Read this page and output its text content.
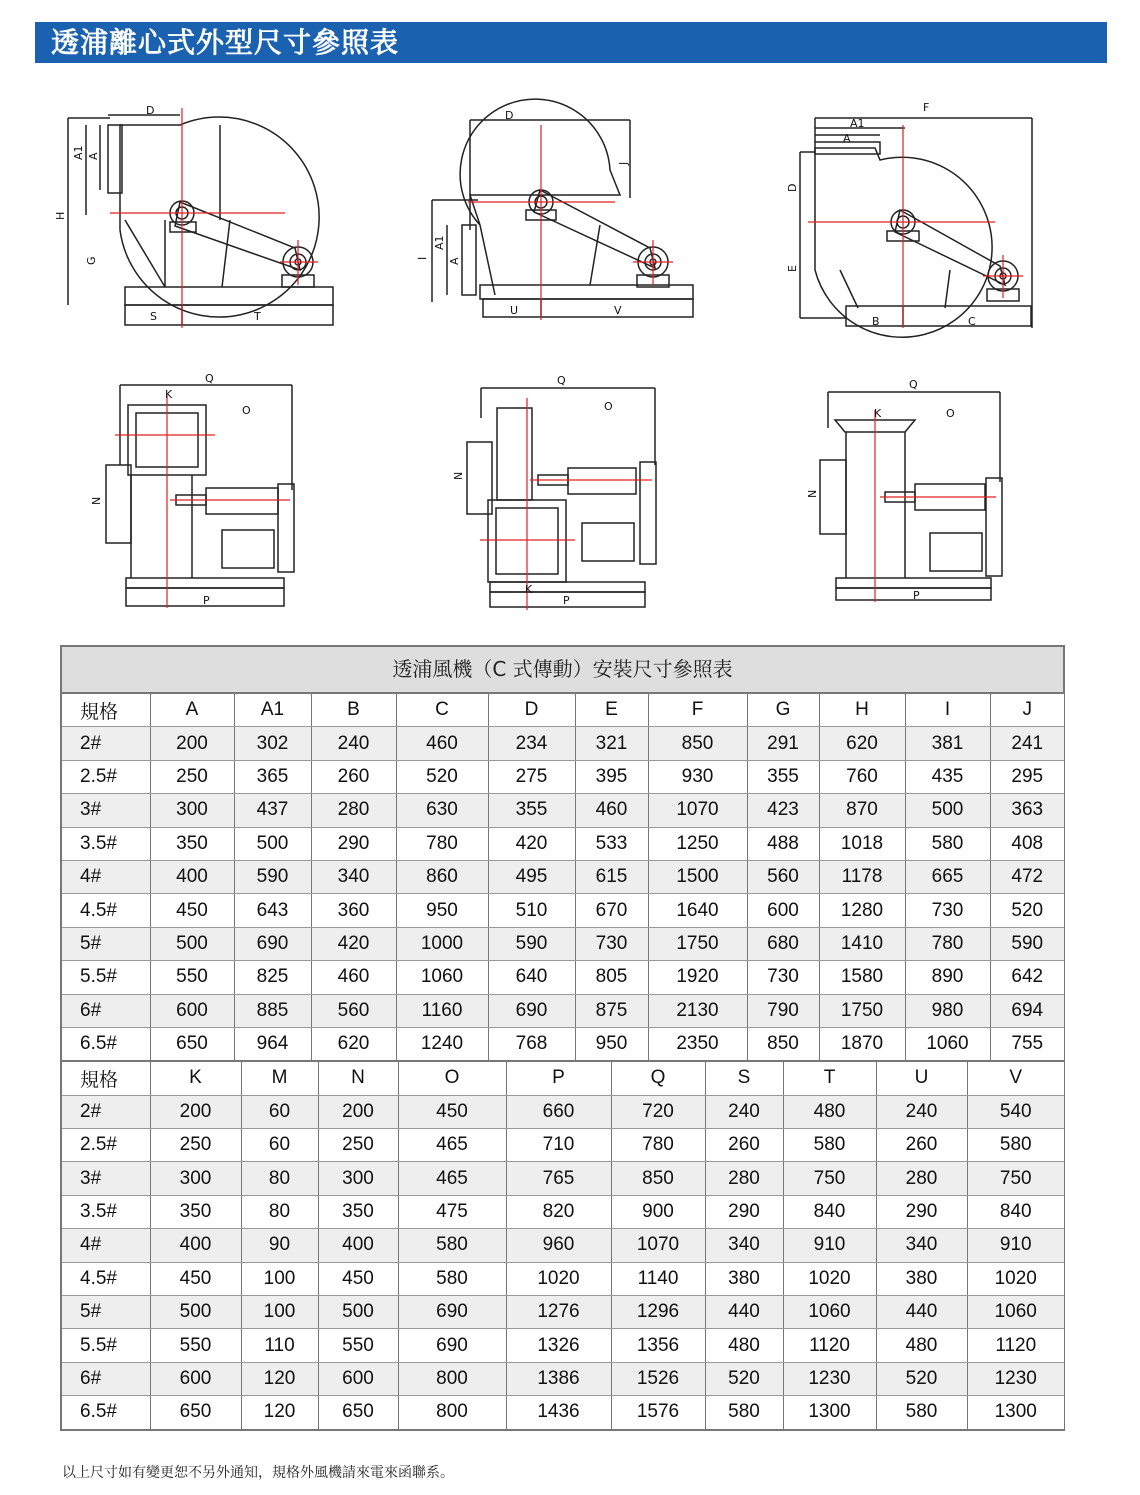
透浦離心式外型尺寸參照表
D
A1 A
H
G
S	T
D
J
A1
A
I
U	V
F
A1
A
D
E
B	C
Q
K
O
N
P
Q
O
N
K
P
Q
K	O
N
P
透浦風機（C 式傳動）安裝尺寸參照表
規格	A	A1	B	C	D	E	F	G	H	I	J
2#	200	302	240	460	234	321	850	291	620	381	241
2.5#	250	365	260	520	275	395	930	355	760	435	295
3#	300	437	280	630	355	460	1070	423	870	500	363
3.5#	350	500	290	780	420	533	1250	488	1018	580	408
4#	400	590	340	860	495	615	1500	560	1178	665	472
4.5#	450	643	360	950	510	670	1640	600	1280	730	520
5#	500	690	420	1000	590	730	1750	680	1410	780	590
5.5#	550	825	460	1060	640	805	1920	730	1580	890	642
6#	600	885	560	1160	690	875	2130	790	1750	980	694
6.5#	650	964	620	1240	768	950	2350	850	1870	1060	755
規格	K	M	N	O	P	Q	S	T	U	V
2#	200	60	200	450	660	720	240	480	240	540
2.5#	250	60	250	465	710	780	260	580	260	580
3#	300	80	300	465	765	850	280	750	280	750
3.5#	350	80	350	475	820	900	290	840	290	840
4#	400	90	400	580	960	1070	340	910	340	910
4.5#	450	100	450	580	1020	1140	380	1020	380	1020
5#	500	100	500	690	1276	1296	440	1060	440	1060
5.5#	550	110	550	690	1326	1356	480	1120	480	1120
6#	600	120	600	800	1386	1526	520	1230	520	1230
6.5#	650	120	650	800	1436	1576	580	1300	580	1300
以上尺寸如有變更恕不另外通知，規格外風機請來電來函聯系。
